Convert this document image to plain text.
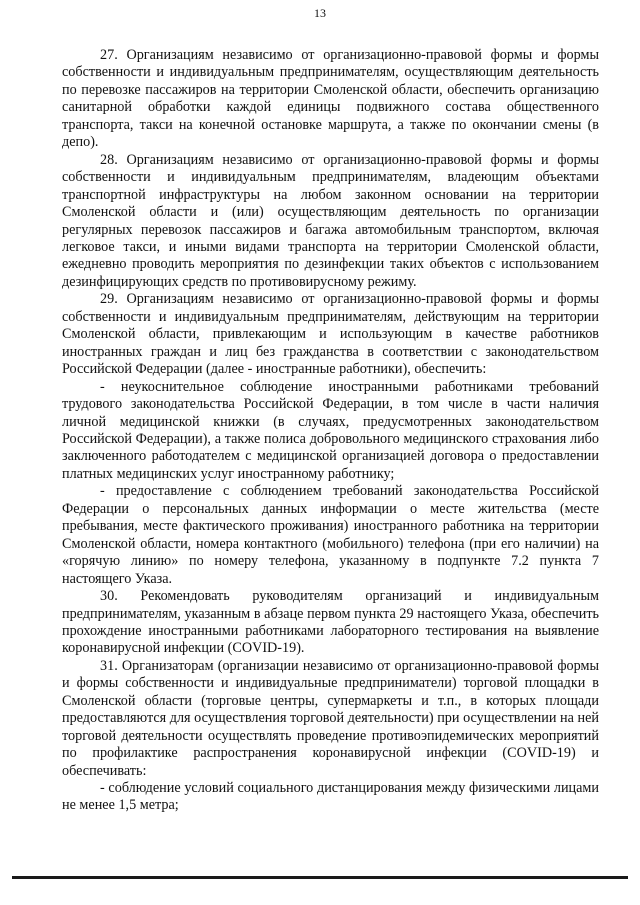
13

27. Организациям независимо от организационно-правовой формы и формы собственности и индивидуальным предпринимателям, осуществляющим деятельность по перевозке пассажиров на территории Смоленской области, обеспечить организацию санитарной обработки каждой единицы подвижного состава общественного транспорта, такси на конечной остановке маршрута, а также по окончании смены (в депо).

28. Организациям независимо от организационно-правовой формы и формы собственности и индивидуальным предпринимателям, владеющим объектами транспортной инфраструктуры на любом законном основании на территории Смоленской области и (или) осуществляющим деятельность по организации регулярных перевозок пассажиров и багажа автомобильным транспортом, включая легковое такси, и иными видами транспорта на территории Смоленской области, ежедневно проводить мероприятия по дезинфекции таких объектов с использованием дезинфицирующих средств по противовирусному режиму.

29. Организациям независимо от организационно-правовой формы и формы собственности и индивидуальным предпринимателям, действующим на территории Смоленской области, привлекающим и использующим в качестве работников иностранных граждан и лиц без гражданства в соответствии с законодательством Российской Федерации (далее - иностранные работники), обеспечить:

- неукоснительное соблюдение иностранными работниками требований трудового законодательства Российской Федерации, в том числе в части наличия личной медицинской книжки (в случаях, предусмотренных законодательством Российской Федерации), а также полиса добровольного медицинского страхования либо заключенного работодателем с медицинской организацией договора о предоставлении платных медицинских услуг иностранному работнику;

- предоставление с соблюдением требований законодательства Российской Федерации о персональных данных информации о месте жительства (месте пребывания, месте фактического проживания) иностранного работника на территории Смоленской области, номера контактного (мобильного) телефона (при его наличии) на «горячую линию» по номеру телефона, указанному в подпункте 7.2 пункта 7 настоящего Указа.

30. Рекомендовать руководителям организаций и индивидуальным предпринимателям, указанным в абзаце первом пункта 29 настоящего Указа, обеспечить прохождение иностранными работниками лабораторного тестирования на выявление коронавирусной инфекции (COVID-19).

31. Организаторам (организации независимо от организационно-правовой формы и формы собственности и индивидуальные предприниматели) торговой площадки в Смоленской области (торговые центры, супермаркеты и т.п., в которых площади предоставляются для осуществления торговой деятельности) при осуществлении на ней торговой деятельности осуществлять проведение противоэпидемических мероприятий по профилактике распространения коронавирусной инфекции (COVID-19) и обеспечивать:

- соблюдение условий социального дистанцирования между физическими лицами не менее 1,5 метра;
